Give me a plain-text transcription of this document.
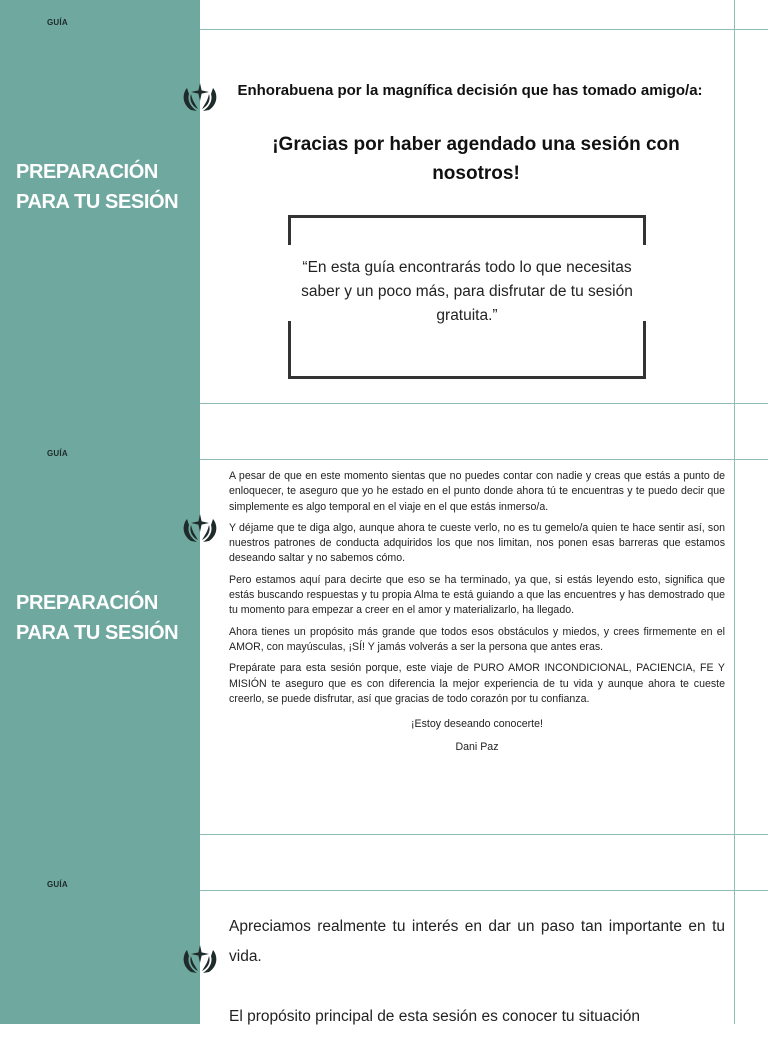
GUÍA
PREPARACIÓN
PARA TU SESIÓN
Enhorabuena por la magnífica decisión que has tomado amigo/a:
¡Gracias por haber agendado una sesión con nosotros!
“En esta guía encontrarás todo lo que necesitas saber y un poco más, para disfrutar de tu sesión gratuita.”
GUÍA
PREPARACIÓN
PARA TU SESIÓN

A pesar de que en este momento sientas que no puedes contar con nadie y creas que estás a punto de enloquecer, te aseguro que yo he estado en el punto donde ahora tú te encuentras y te puedo decir que simplemente es algo temporal en el viaje en el que estás inmerso/a.

Y déjame que te diga algo, aunque ahora te cueste verlo, no es tu gemelo/a quien te hace sentir así, son nuestros patrones de conducta adquiridos los que nos limitan, nos ponen esas barreras que estamos deseando saltar y no sabemos cómo.

Pero estamos aquí para decirte que eso se ha terminado, ya que, si estás leyendo esto, significa que estás buscando respuestas y tu propia Alma te está guiando a que las encuentres y has demostrado que tu momento para empezar a creer en el amor y materializarlo, ha llegado.

Ahora tienes un propósito más grande que todos esos obstáculos y miedos, y crees firmemente en el AMOR, con mayúsculas, ¡SÍ! Y jamás volverás a ser la persona que antes eras.

Prepárate para esta sesión porque, este viaje de PURO AMOR INCONDICIONAL, PACIENCIA, FE Y MISIÓN te aseguro que es con diferencia la mejor experiencia de tu vida y aunque ahora te cueste creerlo, se puede disfrutar, así que gracias de todo corazón por tu confianza.

¡Estoy deseando conocerte!

Dani Paz

GUÍA

Apreciamos realmente tu interés en dar un paso tan importante en tu vida.

El propósito principal de esta sesión es conocer tu situación
